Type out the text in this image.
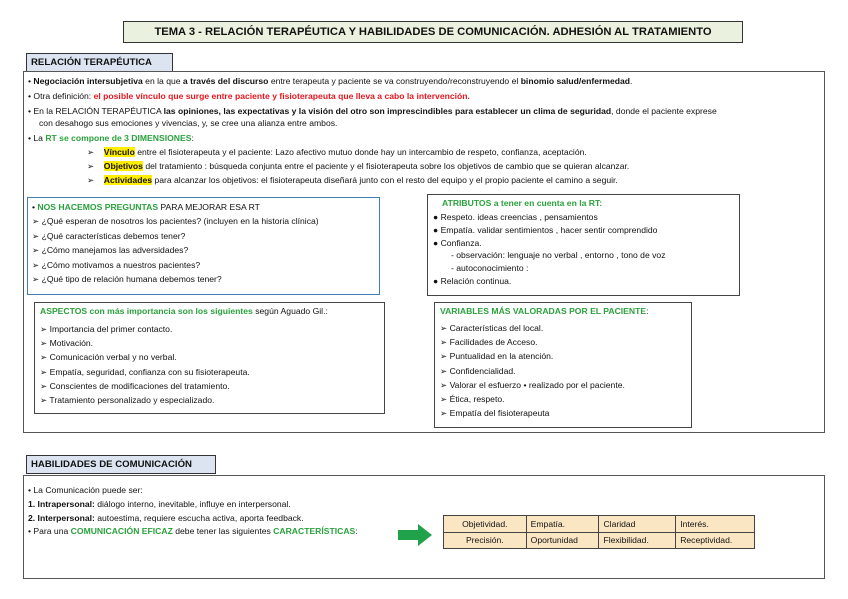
TEMA 3 - RELACIÓN TERAPÉUTICA Y HABILIDADES DE COMUNICACIÓN. ADHESIÓN AL TRATAMIENTO
RELACIÓN TERAPÉUTICA
• Negociación intersubjetiva en la que a través del discurso entre terapeuta y paciente se va construyendo/reconstruyendo el binomio salud/enfermedad.
• Otra definición: el posible vínculo que surge entre paciente y fisioterapeuta que lleva a cabo la intervención.
• En la RELACIÓN TERAPÉUTICA las opiniones, las expectativas y la visión del otro son imprescindibles para establecer un clima de seguridad, donde el paciente exprese
con desahogo sus emociones y vivencias, y, se cree una alianza entre ambos.
• La RT se compone de 3 DIMENSIONES:
➢ Vínculo entre el fisioterapeuta y el paciente: Lazo afectivo mutuo donde hay un intercambio de respeto, confianza, aceptación.
➢ Objetivos del tratamiento : búsqueda conjunta entre el paciente y el fisioterapeuta sobre los objetivos de cambio que se quieran alcanzar.
➢ Actividades para alcanzar los objetivos: el fisioterapeuta diseñará junto con el resto del equipo y el propio paciente el camino a seguir.
• NOS HACEMOS PREGUNTAS PARA MEJORAR ESA RT
➢ ¿Qué esperan de nosotros los pacientes? (incluyen en la historia clínica)
➢ ¿Qué características debemos tener?
➢ ¿Cómo manejamos las adversidades?
➢ ¿Cómo motivamos a nuestros pacientes?
➢ ¿Qué tipo de relación humana debemos tener?
ASPECTOS con más importancia son los siguientes según Aguado Gil.:
➢ Importancia del primer contacto.
➢ Motivación.
➢ Comunicación verbal y no verbal.
➢ Empatía, seguridad, confianza con su fisioterapeuta.
➢ Conscientes de modificaciones del tratamiento.
➢ Tratamiento personalizado y especializado.
ATRIBUTOS a tener en cuenta en la RT:
● Respeto. ideas creencias , pensamientos
● Empatía. validar sentimientos , hacer sentir comprendido
● Confianza.
- observación: lenguaje no verbal , entorno , tono de voz
- autoconocimiento :
● Relación continua.
VARIABLES MÁS VALORADAS POR EL PACIENTE:
➢ Características del local.
➢ Facilidades de Acceso.
➢ Puntualidad en la atención.
➢ Confidencialidad.
➢ Valorar el esfuerzo • realizado por el paciente.
➢ Ética, respeto.
➢ Empatía del fisioterapeuta
HABILIDADES DE COMUNICACIÓN
• La Comunicación puede ser:
1. Intrapersonal: diálogo interno, inevitable, influye en interpersonal.
2. Interpersonal: autoestima, requiere escucha activa, aporta feedback.
• Para una COMUNICACIÓN EFICAZ debe tener las siguientes CARACTERÍSTICAS:
Objetividad.	Empatía.	Claridad	Interés.
Precisión.	Oportunidad	Flexibilidad.	Receptividad.
